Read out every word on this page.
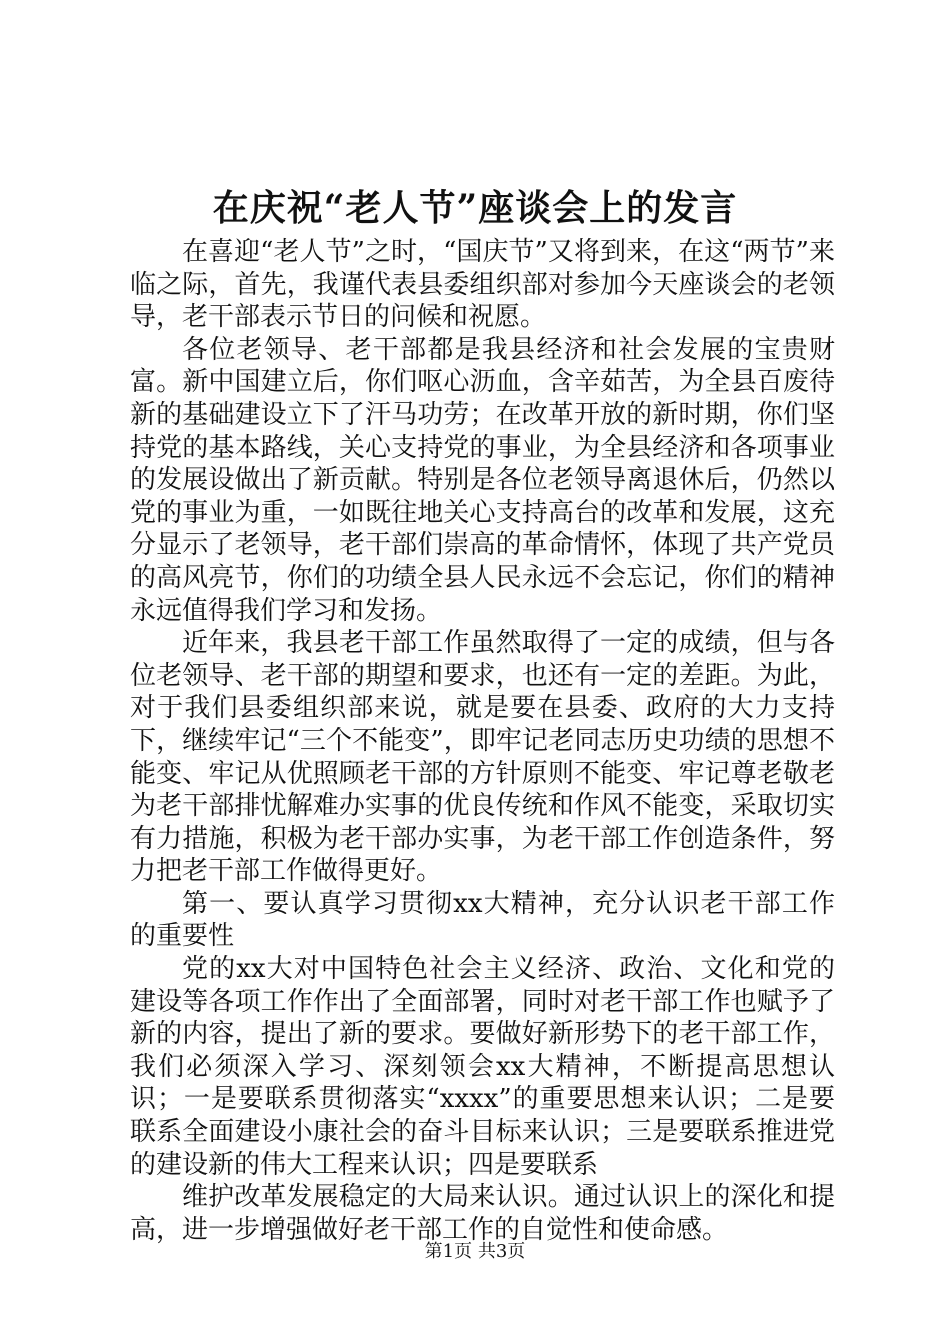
在庆祝“老人节”座谈会上的发言

在喜迎“老人节”之时，“国庆节”又将到来，在这“两节”来临之际，首先，我谨代表县委组织部对参加今天座谈会的老领导，老干部表示节日的问候和祝愿。

各位老领导、老干部都是我县经济和社会发展的宝贵财富。新中国建立后，你们呕心沥血，含辛茹苦，为全县百废待新的基础建设立下了汗马功劳；在改革开放的新时期，你们坚持党的基本路线，关心支持党的事业，为全县经济和各项事业的发展设做出了新贡献。特别是各位老领导离退休后，仍然以党的事业为重，一如既往地关心支持高台的改革和发展，这充分显示了老领导，老干部们崇高的革命情怀，体现了共产党员的高风亮节，你们的功绩全县人民永远不会忘记，你们的精神永远值得我们学习和发扬。

近年来，我县老干部工作虽然取得了一定的成绩，但与各位老领导、老干部的期望和要求，也还有一定的差距。为此，对于我们县委组织部来说，就是要在县委、政府的大力支持下，继续牢记“三个不能变”，即牢记老同志历史功绩的思想不能变、牢记从优照顾老干部的方针原则不能变、牢记尊老敬老为老干部排忧解难办实事的优良传统和作风不能变，采取切实有力措施，积极为老干部办实事，为老干部工作创造条件，努力把老干部工作做得更好。

第一、要认真学习贯彻xx大精神，充分认识老干部工作的重要性

党的xx大对中国特色社会主义经济、政治、文化和党的建设等各项工作作出了全面部署，同时对老干部工作也赋予了新的内容，提出了新的要求。要做好新形势下的老干部工作，我们必须深入学习、深刻领会xx大精神，不断提高思想认识；一是要联系贯彻落实“xxxx”的重要思想来认识；二是要联系全面建设小康社会的奋斗目标来认识；三是要联系推进党的建设新的伟大工程来认识；四是要联系

维护改革发展稳定的大局来认识。通过认识上的深化和提高，进一步增强做好老干部工作的自觉性和使命感。

第1页 共3页
